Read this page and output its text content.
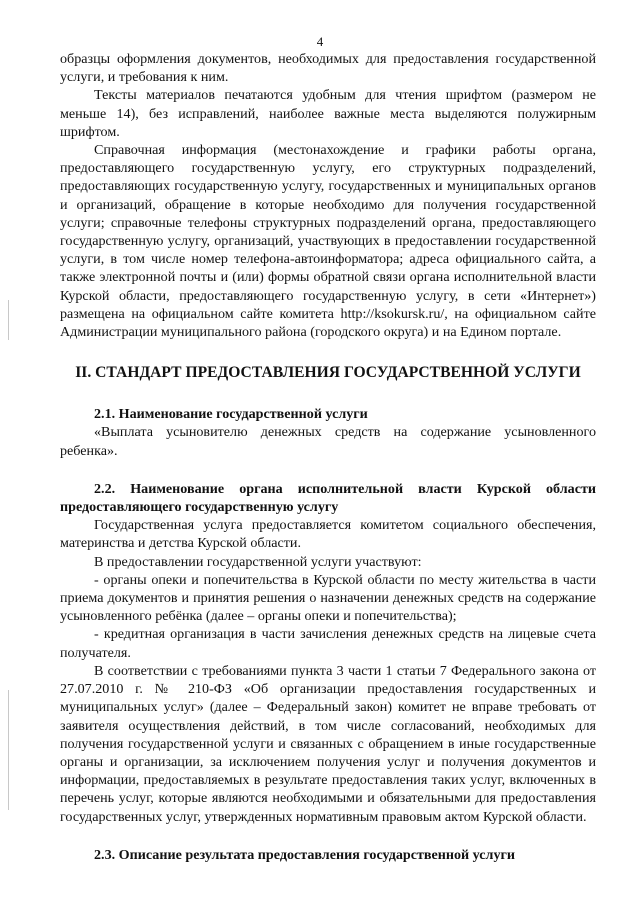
4

образцы оформления документов, необходимых для предоставления государственной услуги, и требования к ним.

Тексты материалов печатаются удобным для чтения шрифтом (размером не меньше 14), без исправлений, наиболее важные места выделяются полужирным шрифтом.

Справочная информация (местонахождение и графики работы органа, предоставляющего государственную услугу, его структурных подразделений, предоставляющих государственную услугу, государственных и муниципальных органов и организаций, обращение в которые необходимо для получения государственной услуги; справочные телефоны структурных подразделений органа, предоставляющего государственную услугу, организаций, участвующих в предоставлении государственной услуги, в том числе номер телефона-автоинформатора; адреса официального сайта, а также электронной почты и (или) формы обратной связи органа исполнительной власти Курской области, предоставляющего государственную услугу, в сети «Интернет») размещена на официальном сайте комитета http://ksokursk.ru/, на официальном сайте Администрации муниципального района (городского округа) и на Едином портале.

II. СТАНДАРТ ПРЕДОСТАВЛЕНИЯ ГОСУДАРСТВЕННОЙ УСЛУГИ

2.1. Наименование государственной услуги

«Выплата усыновителю денежных средств на содержание усыновленного ребенка».

2.2. Наименование органа исполнительной власти Курской области предоставляющего государственную услугу

Государственная услуга предоставляется комитетом социального обеспечения, материнства и детства Курской области.

В предоставлении государственной услуги участвуют:

- органы опеки и попечительства в Курской области по месту жительства в части приема документов и принятия решения о назначении денежных средств на содержание усыновленного ребёнка (далее – органы опеки и попечительства);

- кредитная организация в части зачисления денежных средств на лицевые счета получателя.

В соответствии с требованиями пункта 3 части 1 статьи 7 Федерального закона от 27.07.2010 г. № 210-ФЗ «Об организации предоставления государственных и муниципальных услуг» (далее – Федеральный закон) комитет не вправе требовать от заявителя осуществления действий, в том числе согласований, необходимых для получения государственной услуги и связанных с обращением в иные государственные органы и организации, за исключением получения услуг и получения документов и информации, предоставляемых в результате предоставления таких услуг, включенных в перечень услуг, которые являются необходимыми и обязательными для предоставления государственных услуг, утвержденных нормативным правовым актом Курской области.

2.3. Описание результата предоставления государственной услуги
